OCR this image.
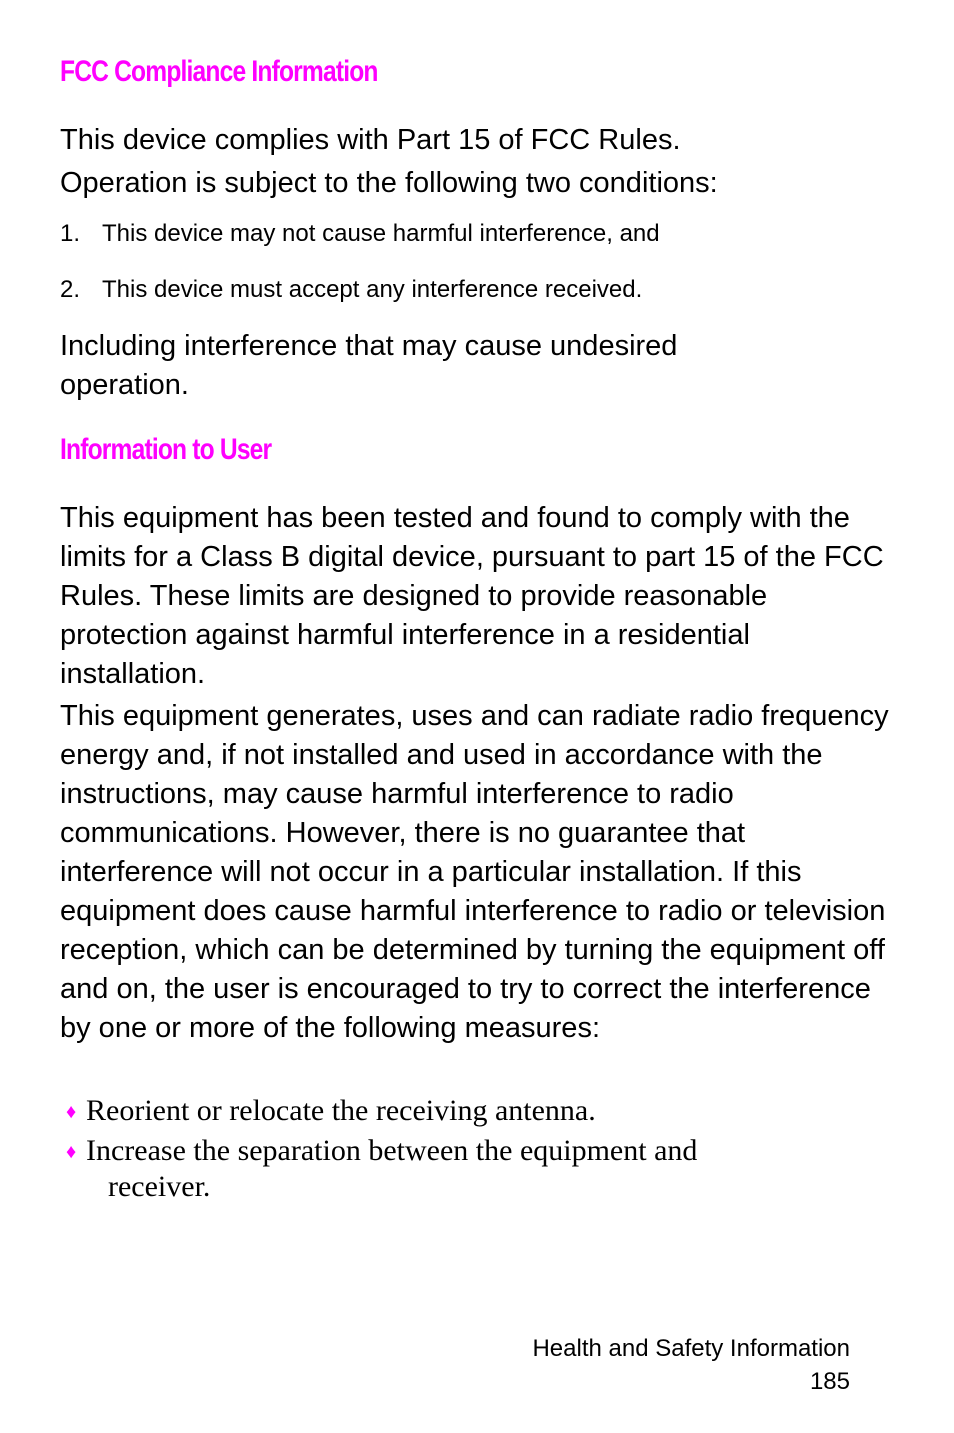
FCC Compliance Information
This device complies with Part 15 of FCC Rules.
Operation is subject to the following two conditions:
1. This device may not cause harmful interference, and
2. This device must accept any interference received.

Including interference that may cause undesired operation.

Information to User

This equipment has been tested and found to comply with the limits for a Class B digital device, pursuant to part 15 of the FCC Rules. These limits are designed to provide reasonable protection against harmful interference in a residential installation.

This equipment generates, uses and can radiate radio frequency energy and, if not installed and used in accordance with the instructions, may cause harmful interference to radio communications. However, there is no guarantee that interference will not occur in a particular installation. If this equipment does cause harmful interference to radio or television reception, which can be determined by turning the equipment off and on, the user is encouraged to try to correct the interference by one or more of the following measures:

♦ Reorient or relocate the receiving antenna.
♦ Increase the separation between the equipment and
receiver.
Health and Safety Information
185
